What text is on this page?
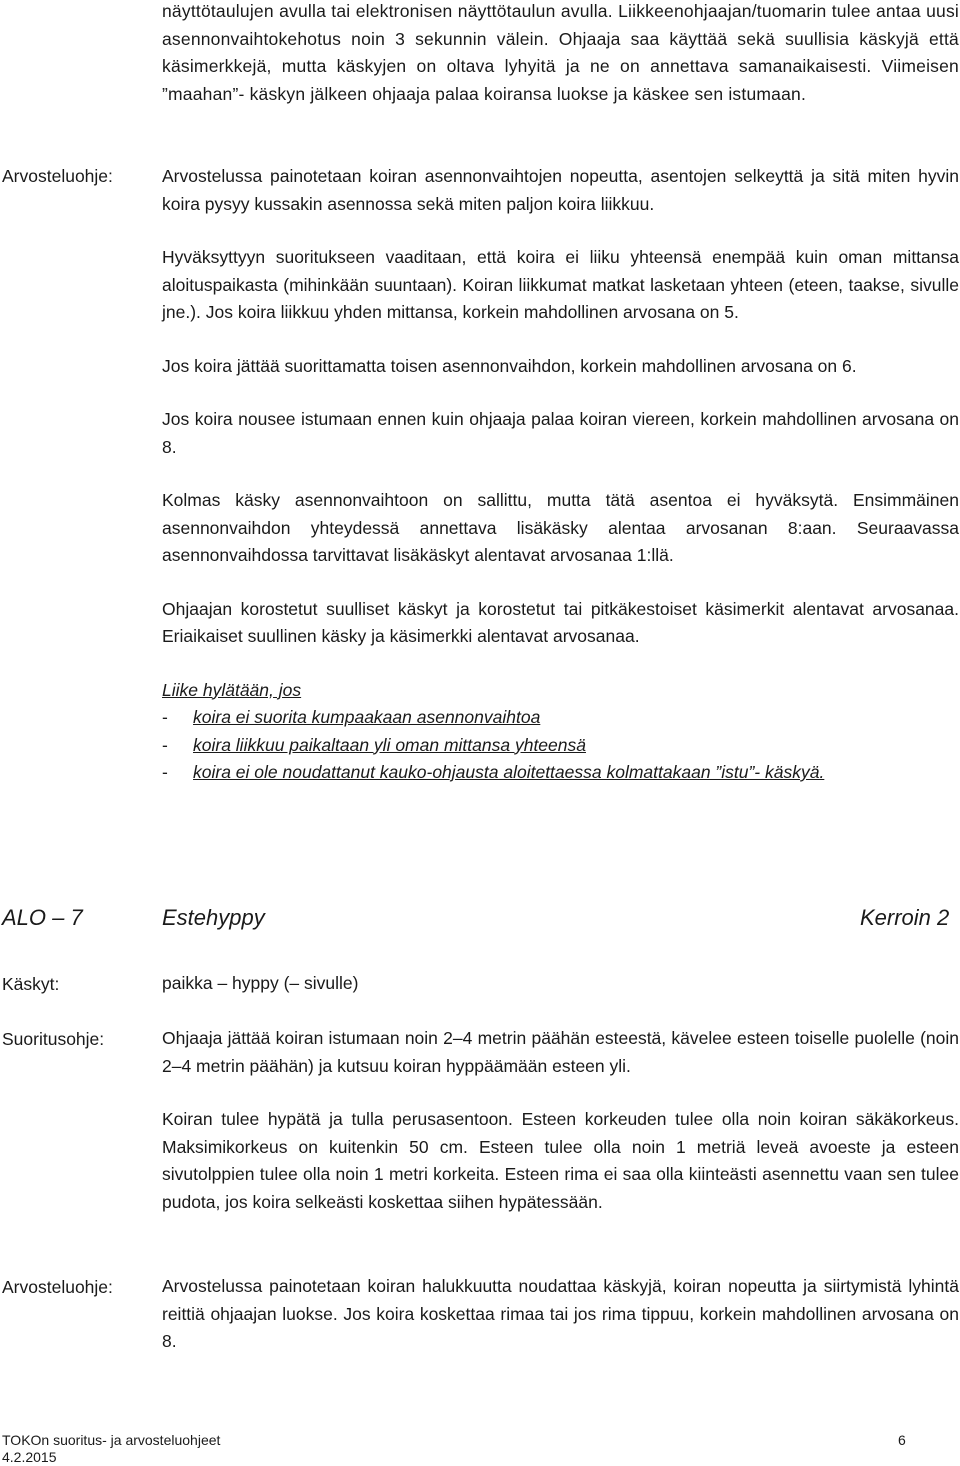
näyttötaulujen avulla tai elektronisen näyttötaulun avulla. Liikkeenohjaajan/tuomarin tulee antaa uusi asennonvaihtokehotus noin 3 sekunnin välein. Ohjaaja saa käyttää sekä suullisia käskyjä että käsimerkkejä, mutta käskyjen on oltava lyhyitä ja ne on annettava samanaikaisesti. Viimeisen ”maahan”- käskyn jälkeen ohjaaja palaa koiransa luokse ja käskee sen istumaan.

Arvosteluohje:	Arvostelussa painotetaan koiran asennonvaihtojen nopeutta, asentojen selkeyttä ja sitä miten hyvin koira pysyy kussakin asennossa sekä miten paljon koira liikkuu.

Hyväksyttyyn suoritukseen vaaditaan, että koira ei liiku yhteensä enempää kuin oman mittansa aloituspaikasta (mihinkään suuntaan). Koiran liikkumat matkat lasketaan yhteen (eteen, taakse, sivulle jne.). Jos koira liikkuu yhden mittansa, korkein mahdollinen arvosana on 5.

Jos koira jättää suorittamatta toisen asennonvaihdon, korkein mahdollinen arvosana on 6.

Jos koira nousee istumaan ennen kuin ohjaaja palaa koiran viereen, korkein mahdollinen arvosana on 8.

Kolmas käsky asennonvaihtoon on sallittu, mutta tätä asentoa ei hyväksytä. Ensimmäinen asennonvaihdon yhteydessä annettava lisäkäsky alentaa arvosanan 8:aan. Seuraavassa asennonvaihdossa tarvittavat lisäkäskyt alentavat arvosanaa 1:llä.

Ohjaajan korostetut suulliset käskyt ja korostetut tai pitkäkestoiset käsimerkit alentavat arvosanaa. Eriaikaiset suullinen käsky ja käsimerkki alentavat arvosanaa.

Liike hylätään, jos
- koira ei suorita kumpaakaan asennonvaihtoa
- koira liikkuu paikaltaan yli oman mittansa yhteensä
- koira ei ole noudattanut kauko-ohjausta aloitettaessa kolmattakaan ”istu”- käskyä.
ALO – 7	Estehyppy	Kerroin 2
Käskyt:	paikka – hyppy (– sivulle)
Suoritusohje:	Ohjaaja jättää koiran istumaan noin 2–4 metrin päähän esteestä, kävelee esteen toiselle puolelle (noin 2–4 metrin päähän) ja kutsuu koiran hyppäämään esteen yli.

Koiran tulee hypätä ja tulla perusasentoon. Esteen korkeuden tulee olla noin koiran säkäkorkeus. Maksimikorkeus on kuitenkin 50 cm. Esteen tulee olla noin 1 metriä leveä avoeste ja esteen sivutolppien tulee olla noin 1 metri korkeita. Esteen rima ei saa olla kiinteästi asennettu vaan sen tulee pudota, jos koira selkeästi koskettaa siihen hypätessään.

Arvosteluohje:	Arvostelussa painotetaan koiran halukkuutta noudattaa käskyjä, koiran nopeutta ja siirtymistä lyhintä reittiä ohjaajan luokse. Jos koira koskettaa rimaa tai jos rima tippuu, korkein mahdollinen arvosana on 8.
TOKOn suoritus- ja arvosteluohjeet
4.2.2015
6
